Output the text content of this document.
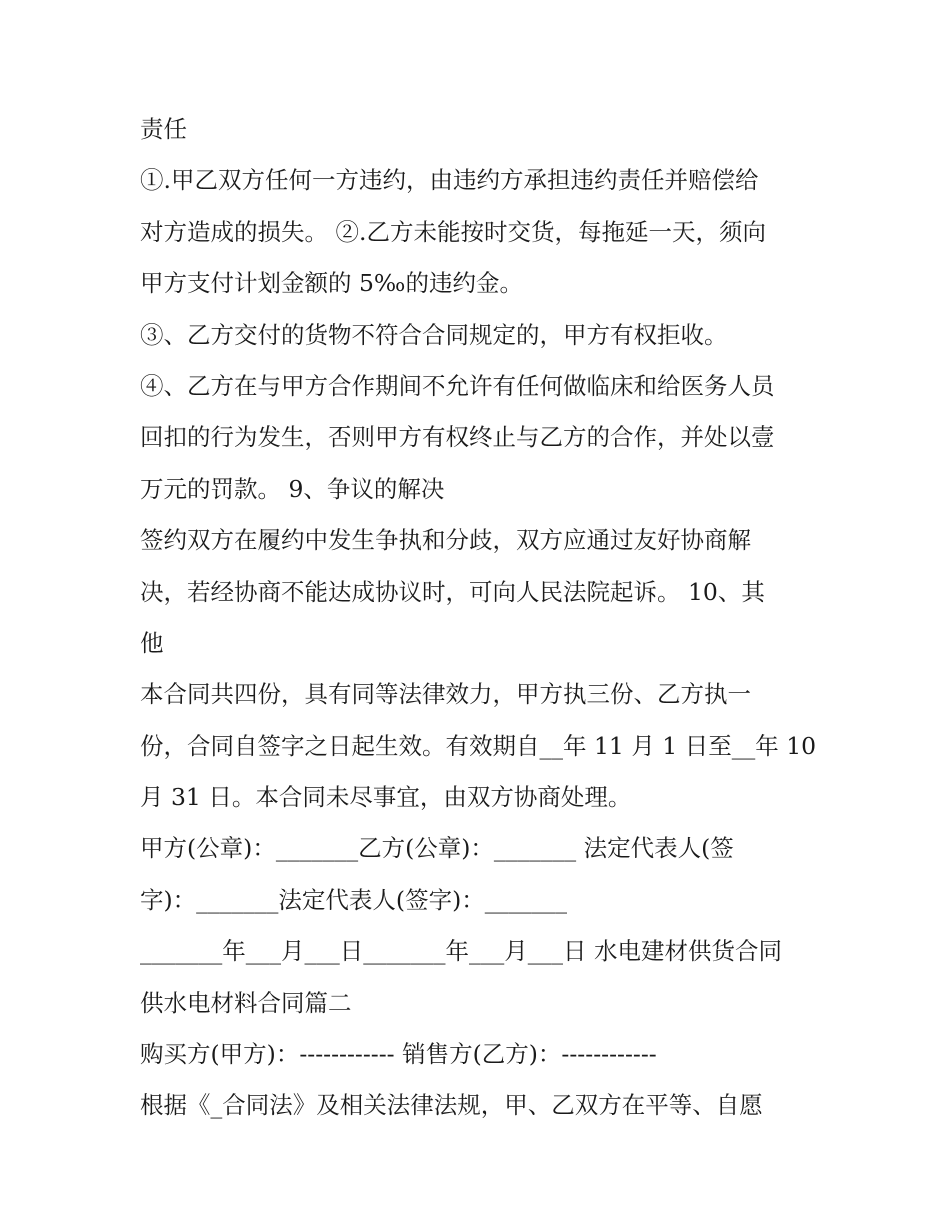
责任
①.甲乙双方任何一方违约，由违约方承担违约责任并赔偿给
对方造成的损失。 ②.乙方未能按时交货，每拖延一天，须向
甲方支付计划金额的 5‰的违约金。
③、乙方交付的货物不符合合同规定的，甲方有权拒收。
④、乙方在与甲方合作期间不允许有任何做临床和给医务人员
回扣的行为发生，否则甲方有权终止与乙方的合作，并处以壹
万元的罚款。 9、争议的解决
签约双方在履约中发生争执和分歧，双方应通过友好协商解
决，若经协商不能达成协议时，可向人民法院起诉。 10、其
他
本合同共四份，具有同等法律效力，甲方执三份、乙方执一
份，合同自签字之日起生效。有效期自__年 11 月 1 日至__年 10
月 31 日。本合同未尽事宜，由双方协商处理。
甲方(公章)：_______乙方(公章)：_______ 法定代表人(签
字)：_______法定代表人(签字)：_______
_______年___月___日_______年___月___日 水电建材供货合同
供水电材料合同篇二
购买方(甲方)：------------ 销售方(乙方)：------------
根据《_合同法》及相关法律法规，甲、乙双方在平等、自愿
